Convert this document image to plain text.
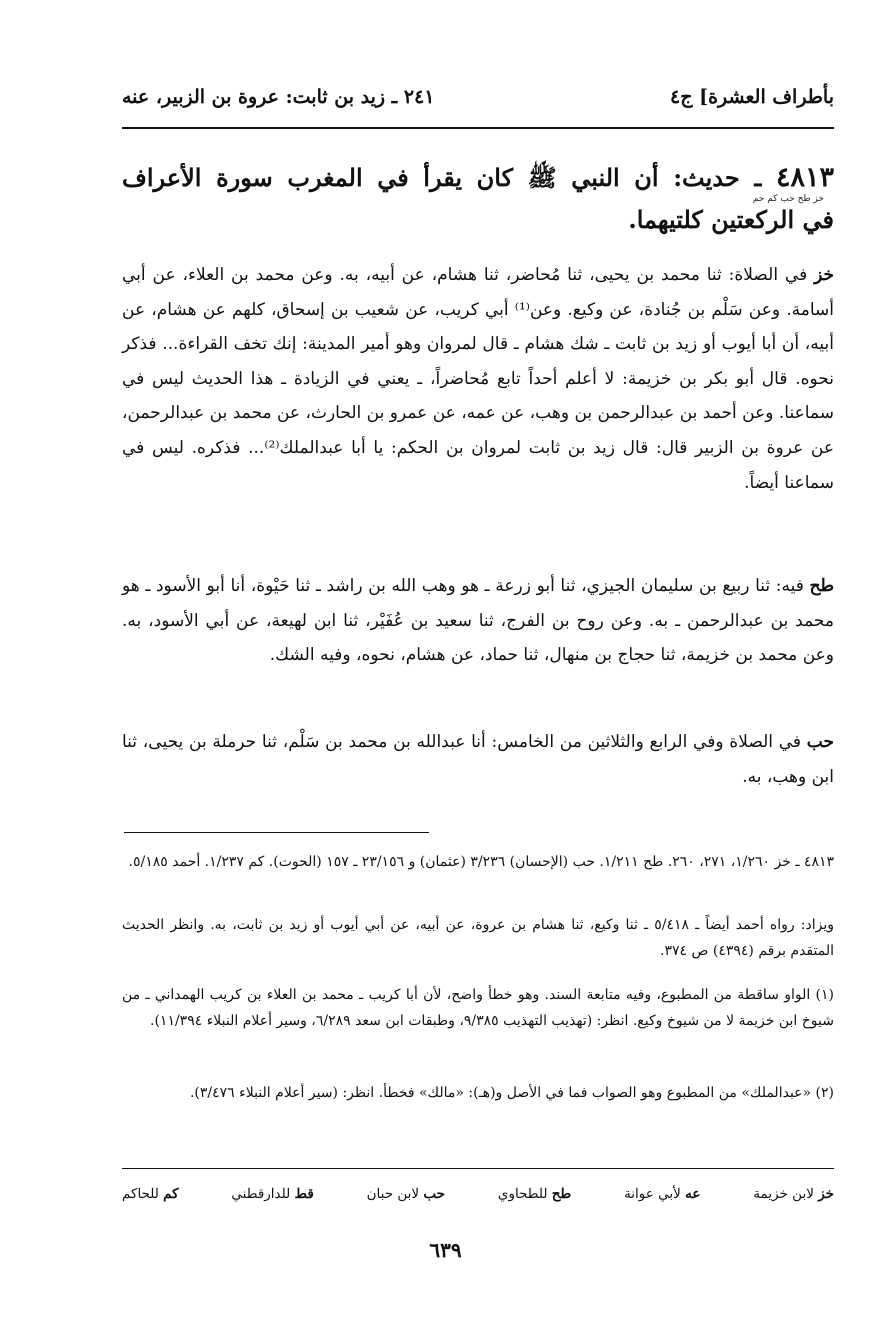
بأطراف العشرة] ج٤
٢٤١ ـ زيد بن ثابت: عروة بن الزبير، عنه
٤٨١٣ ـ حديث: أن النبي ﷺ كان يقرأ في المغرب سورة الأعراف
خز طح حب كم حم
في الركعتين كلتيهما.
خز في الصلاة: ثنا محمد بن يحيى، ثنا مُحاضر، ثنا هشام، عن أبيه، به. وعن محمد بن العلاء، عن أبي أسامة. وعن سَلْم بن جُنادة، عن وكيع. وعن⁽¹⁾ أبي كريب، عن شعيب بن إسحاق، كلهم عن هشام، عن أبيه، أن أبا أيوب أو زيد بن ثابت ـ شك هشام ـ قال لمروان وهو أمير المدينة: إنك تخف القراءة... فذكر نحوه. قال أبو بكر بن خزيمة: لا أعلم أحداً تابع مُحاضراً، ـ يعني في الزيادة ـ هذا الحديث ليس في سماعنا. وعن أحمد بن عبدالرحمن بن وهب، عن عمه، عن عمرو بن الحارث، عن محمد بن عبدالرحمن، عن عروة بن الزبير قال: قال زيد بن ثابت لمروان بن الحكم: يا أبا عبدالملك⁽²⁾... فذكره. ليس في سماعنا أيضاً.
طح فيه: ثنا ربيع بن سليمان الجيزي، ثنا أبو زرعة ـ هو وهب الله بن راشد ـ ثنا حَيْوة، أنا أبو الأسود ـ هو محمد بن عبدالرحمن ـ به. وعن روح بن الفرج، ثنا سعيد بن عُفَيْر، ثنا ابن لهيعة، عن أبي الأسود، به. وعن محمد بن خزيمة، ثنا حجاج بن منهال، ثنا حماد، عن هشام، نحوه، وفيه الشك.
حب في الصلاة وفي الرابع والثلاثين من الخامس: أنا عبدالله بن محمد بن سَلْم، ثنا حرملة بن يحيى، ثنا ابن وهب، به.
٤٨١٣ ـ خز ١/٢٦٠، ٢٧١، ٢٦٠. طح ١/٢١١. حب (الإحسان) ٣/٢٣٦ (عثمان) و ٢٣/١٥٦ ـ ١٥٧ (الحوت). كم ١/٢٣٧. أحمد ٥/١٨٥.
ويزاد: رواه أحمد أيضاً ـ ٥/٤١٨ ـ ثنا وكيع، ثنا هشام بن عروة، عن أبيه، عن أبي أيوب أو زيد بن ثابت، به. وانظر الحديث المتقدم برقم (٤٣٩٤) ص ٣٧٤.
(١) الواو ساقطة من المطبوع، وفيه متابعة السند. وهو خطأ واضح، لأن أبا كريب ـ محمد بن العلاء بن كريب الهمداني ـ من شيوخ ابن خزيمة لا من شيوخ وكيع. انظر: (تهذيب التهذيب ٩/٣٨٥، وطبقات ابن سعد ٦/٢٨٩، وسير أعلام النبلاء ١١/٣٩٤).
(٢) «عبدالملك» من المطبوع وهو الصواب فما في الأصل و(هـ): «مالك» فخطأ. انظر: (سير أعلام النبلاء ٣/٤٧٦).
خز لابن خزيمة
عه لأبي عوانة
طح للطحاوي
حب لابن حبان
قط للدارقطني
كم للحاكم
٦٣٩
